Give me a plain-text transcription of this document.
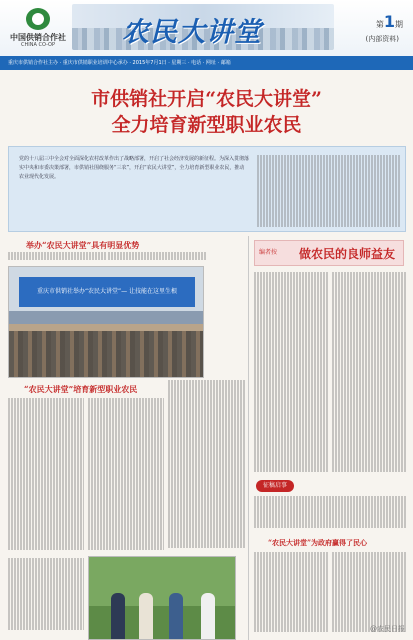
中国供销合作社
CHINA CO-OP	农民大讲堂	第1期
(内部资料)
重庆市供销合作社主办 · 重庆市供销职业培训中心承办 · 2015年7月1日 · 星期三 · 电话 · 网址 · 邮箱
市供销社开启“农民大讲堂”
全力培育新型职业农民
党的十八届三中全会对全面深化农村改革作出了战略部署，开启了社会经济发展的新征程。为深入贯彻落实中央和市委决策部署，市供销社围绕服务“三农”，开启“农民大讲堂”，全力培育新型职业农民，推动农业现代化发展。
举办“农民大讲堂”具有明显优势
重庆市供销社举办“农民大讲堂”— 让技能在这里生根
“农民大讲堂”培育新型职业农民
编者按 做农民的良师益友
征稿启事
“农民大讲堂”为政府赢得了民心
@农民日报
